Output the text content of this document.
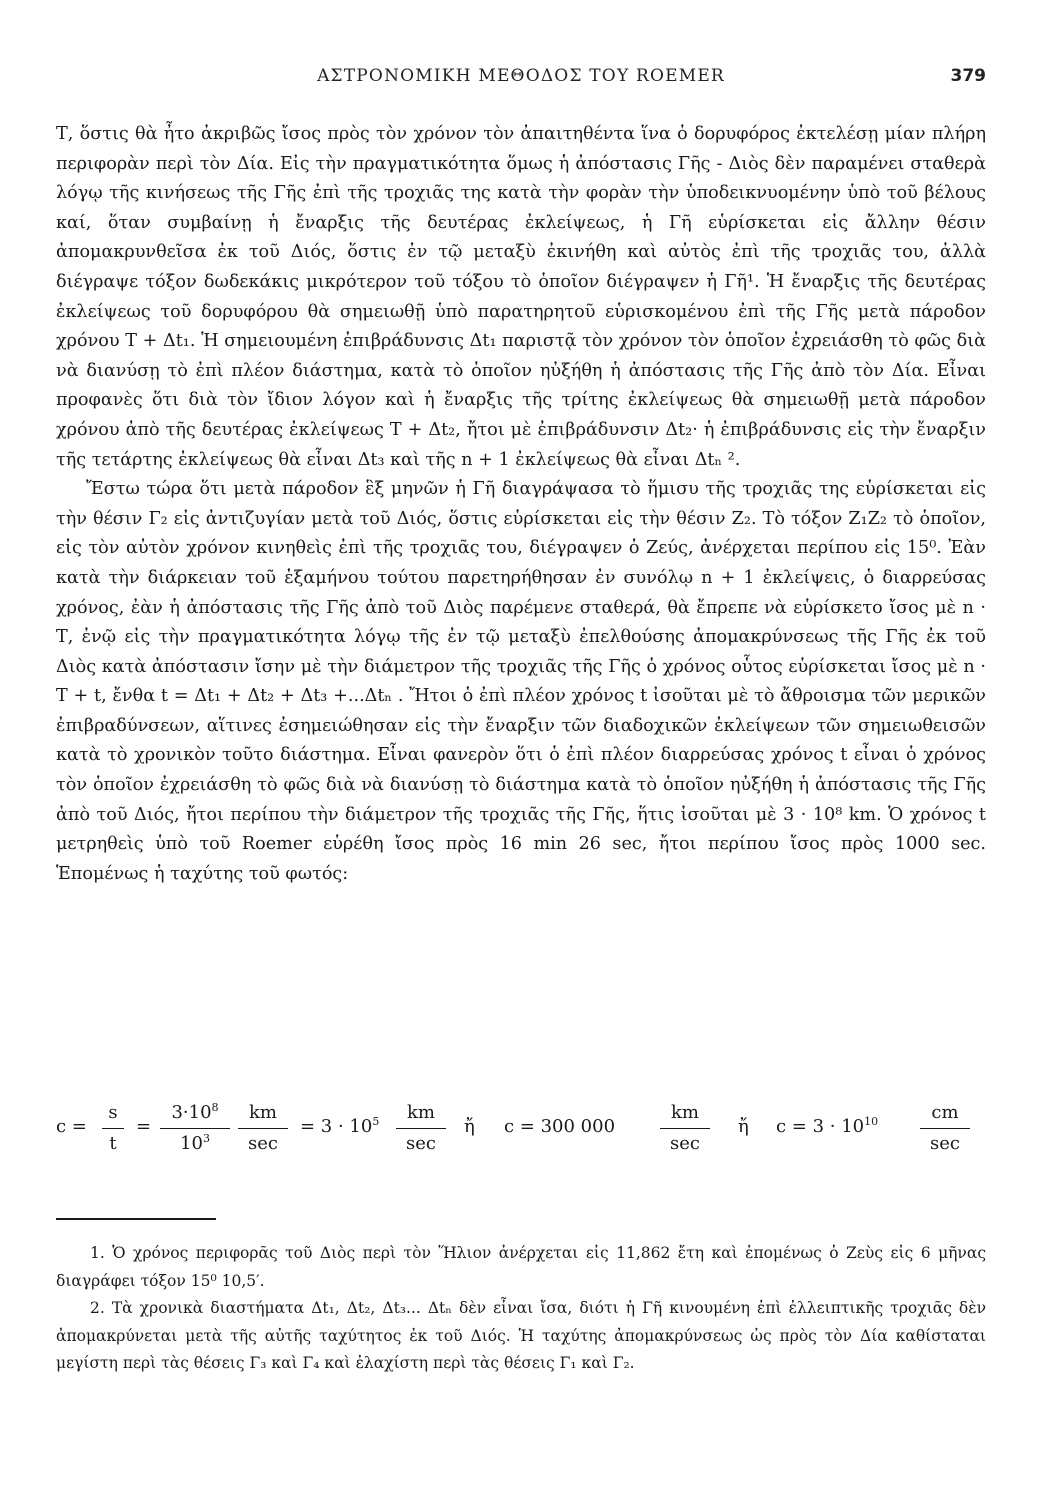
ΑΣΤΡΟΝΟΜΙΚΗ ΜΕΘΟΔΟΣ ΤΟΥ ROEMER	379

Τ, ὅστις θὰ ἦτο ἀκριβῶς ἴσος πρὸς τὸν χρόνον τὸν ἀπαιτηθέντα ἵνα ὁ δορυφόρος ἐκτελέσῃ μίαν πλήρη περιφορὰν περὶ τὸν Δία. Εἰς τὴν πραγματικότητα ὅμως ἡ ἀπόστασις Γῆς - Διὸς δὲν παραμένει σταθερὰ λόγῳ τῆς κινήσεως τῆς Γῆς ἐπὶ τῆς τροχιᾶς της κατὰ τὴν φορὰν τὴν ὑποδεικνυομένην ὑπὸ τοῦ βέλους καί, ὅταν συμβαίνῃ ἡ ἔναρξις τῆς δευτέρας ἐκλείψεως, ἡ Γῆ εὑρίσκεται εἰς ἄλλην θέσιν ἀπομακρυνθεῖσα ἐκ τοῦ Διός, ὅστις ἐν τῷ μεταξὺ ἐκινήθη καὶ αὐτὸς ἐπὶ τῆς τροχιᾶς του, ἀλλὰ διέγραψε τόξον δωδεκάκις μικρότερον τοῦ τόξου τὸ ὁποῖον διέγραψεν ἡ Γῆ¹. Ἡ ἔναρξις τῆς δευτέρας ἐκλείψεως τοῦ δορυφόρου θὰ σημειωθῇ ὑπὸ παρατηρητοῦ εὑρισκομένου ἐπὶ τῆς Γῆς μετὰ πάροδον χρόνου Τ + Δt₁. Ἡ σημειουμένη ἐπιβράδυνσις Δt₁ παριστᾷ τὸν χρόνον τὸν ὁποῖον ἐχρειάσθη τὸ φῶς διὰ νὰ διανύσῃ τὸ ἐπὶ πλέον διάστημα, κατὰ τὸ ὁποῖον ηὐξήθη ἡ ἀπόστασις τῆς Γῆς ἀπὸ τὸν Δία. Εἶναι προφανὲς ὅτι διὰ τὸν ἴδιον λόγον καὶ ἡ ἔναρξις τῆς τρίτης ἐκλείψεως θὰ σημειωθῇ μετὰ πάροδον χρόνου ἀπὸ τῆς δευτέρας ἐκλείψεως Τ + Δt₂, ἤτοι μὲ ἐπιβράδυνσιν Δt₂· ἡ ἐπιβράδυνσις εἰς τὴν ἔναρξιν τῆς τετάρτης ἐκλείψεως θὰ εἶναι Δt₃ καὶ τῆς n + 1 ἐκλείψεως θὰ εἶναι Δtₙ ².

Ἔστω τώρα ὅτι μετὰ πάροδον ἓξ μηνῶν ἡ Γῆ διαγράψασα τὸ ἥμισυ τῆς τροχιᾶς της εὑρίσκεται εἰς τὴν θέσιν Γ₂ εἰς ἀντιζυγίαν μετὰ τοῦ Διός, ὅστις εὑρίσκεται εἰς τὴν θέσιν Ζ₂. Τὸ τόξον Ζ₁Ζ₂ τὸ ὁποῖον, εἰς τὸν αὐτὸν χρόνον κινηθεὶς ἐπὶ τῆς τροχιᾶς του, διέγραψεν ὁ Ζεύς, ἀνέρχεται περίπου εἰς 15⁰. Ἐὰν κατὰ τὴν διάρκειαν τοῦ ἑξαμήνου τούτου παρετηρήθησαν ἐν συνόλῳ n + 1 ἐκλείψεις, ὁ διαρρεύσας χρόνος, ἐὰν ἡ ἀπόστασις τῆς Γῆς ἀπὸ τοῦ Διὸς παρέμενε σταθερά, θὰ ἔπρεπε νὰ εὑρίσκετο ἴσος μὲ n · Τ, ἐνῷ εἰς τὴν πραγματικότητα λόγῳ τῆς ἐν τῷ μεταξὺ ἐπελθούσης ἀπομακρύνσεως τῆς Γῆς ἐκ τοῦ Διὸς κατὰ ἀπόστασιν ἴσην μὲ τὴν διάμετρον τῆς τροχιᾶς τῆς Γῆς ὁ χρόνος οὗτος εὑρίσκεται ἴσος μὲ n · Τ + t, ἔνθα t = Δt₁ + Δt₂ + Δt₃ +...Δtₙ . Ἤτοι ὁ ἐπὶ πλέον χρόνος t ἰσοῦται μὲ τὸ ἄθροισμα τῶν μερικῶν ἐπιβραδύνσεων, αἵτινες ἐσημειώθησαν εἰς τὴν ἔναρξιν τῶν διαδοχικῶν ἐκλείψεων τῶν σημειωθεισῶν κατὰ τὸ χρονικὸν τοῦτο διάστημα. Εἶναι φανερὸν ὅτι ὁ ἐπὶ πλέον διαρρεύσας χρόνος t εἶναι ὁ χρόνος τὸν ὁποῖον ἐχρειάσθη τὸ φῶς διὰ νὰ διανύσῃ τὸ διάστημα κατὰ τὸ ὁποῖον ηὐξήθη ἡ ἀπόστασις τῆς Γῆς ἀπὸ τοῦ Διός, ἤτοι περίπου τὴν διάμετρον τῆς τροχιᾶς τῆς Γῆς, ἥτις ἰσοῦται μὲ 3 · 10⁸ km. Ὁ χρόνος t μετρηθεὶς ὑπὸ τοῦ Roemer εὑρέθη ἴσος πρὸς 16 min 26 sec, ἤτοι περίπου ἴσος πρὸς 1000 sec. Ἑπομένως ἡ ταχύτης τοῦ φωτός:

c =
s
t
=
$3\cdot 10^8$
$10^3$
km
sec
= $3 \cdot 10^5$	km
sec
ἤ c = 300 000
km
sec
ἤ $c = 3 \cdot 10^{10}$	cm
sec

1. Ὁ χρόνος περιφορᾶς τοῦ Διὸς περὶ τὸν Ἥλιον ἀνέρχεται εἰς 11,862 ἔτη καὶ ἑπομένως ὁ Ζεὺς εἰς 6 μῆνας διαγράφει τόξον 15⁰ 10,5′.

2. Τὰ χρονικὰ διαστήματα Δt₁, Δt₂, Δt₃... Δtₙ δὲν εἶναι ἴσα, διότι ἡ Γῆ κινουμένη ἐπὶ ἐλλειπτικῆς τροχιᾶς δὲν ἀπομακρύνεται μετὰ τῆς αὐτῆς ταχύτητος ἐκ τοῦ Διός. Ἡ ταχύτης ἀπομακρύνσεως ὡς πρὸς τὸν Δία καθίσταται μεγίστη περὶ τὰς θέσεις Γ₃ καὶ Γ₄ καὶ ἐλαχίστη περὶ τὰς θέσεις Γ₁ καὶ Γ₂.
